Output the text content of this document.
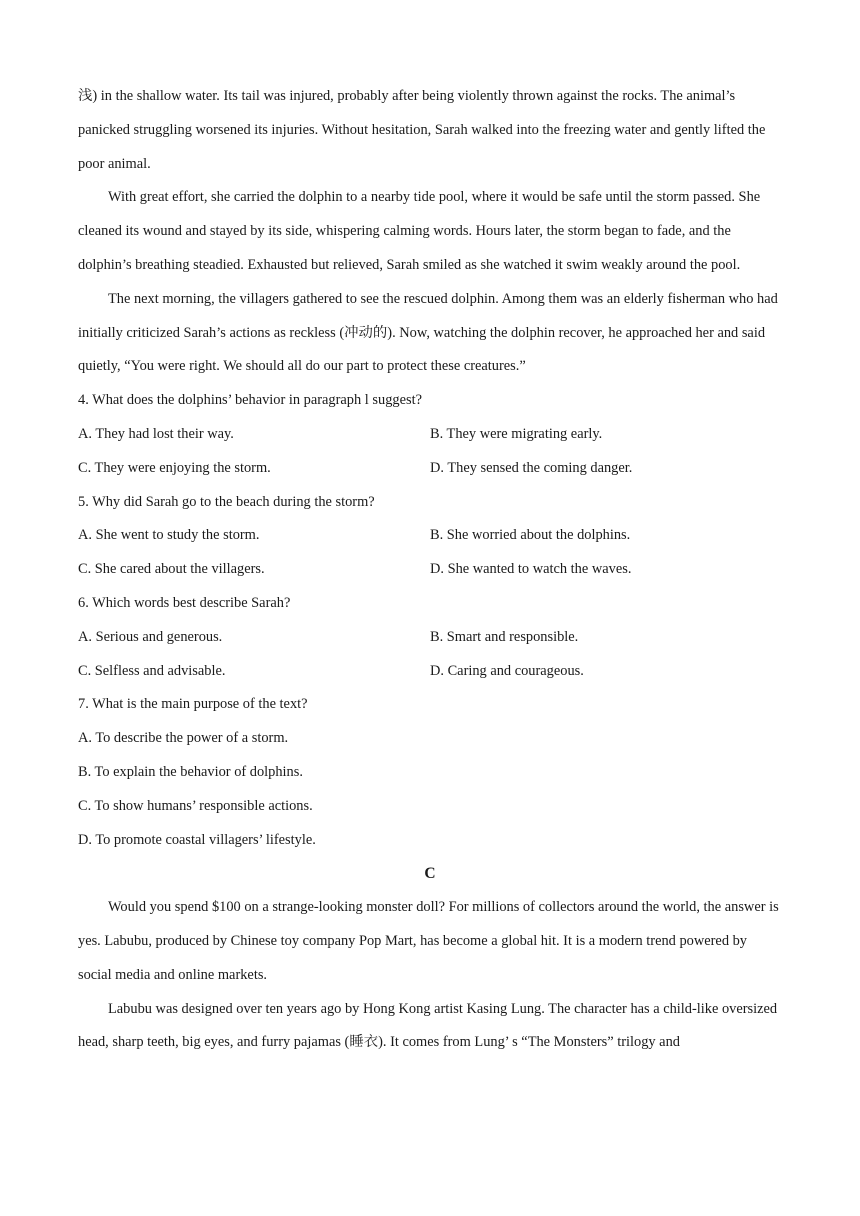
浅) in the shallow water. Its tail was injured, probably after being violently thrown against the rocks. The animal’s panicked struggling worsened its injuries. Without hesitation, Sarah walked into the freezing water and gently lifted the poor animal.

With great effort, she carried the dolphin to a nearby tide pool, where it would be safe until the storm passed. She cleaned its wound and stayed by its side, whispering calming words. Hours later, the storm began to fade, and the dolphin’s breathing steadied. Exhausted but relieved, Sarah smiled as she watched it swim weakly around the pool.

The next morning, the villagers gathered to see the rescued dolphin. Among them was an elderly fisherman who had initially criticized Sarah’s actions as reckless (冲动的). Now, watching the dolphin recover, he approached her and said quietly, “You were right. We should all do our part to protect these creatures.”

4. What does the dolphins’ behavior in paragraph l suggest?

A. They had lost their way.	B. They were migrating early.
C. They were enjoying the storm.	D. They sensed the coming danger.

5. Why did Sarah go to the beach during the storm?

A. She went to study the storm.	B. She worried about the dolphins.
C. She cared about the villagers.	D. She wanted to watch the waves.

6. Which words best describe Sarah?

A. Serious and generous.	B. Smart and responsible.
C. Selfless and advisable.	D. Caring and courageous.

7. What is the main purpose of the text?

A. To describe the power of a storm.
B. To explain the behavior of dolphins.
C. To show humans’ responsible actions.
D. To promote coastal villagers’ lifestyle.

C

Would you spend $100 on a strange-looking monster doll? For millions of collectors around the world, the answer is yes. Labubu, produced by Chinese toy company Pop Mart, has become a global hit. It is a modern trend powered by social media and online markets.

Labubu was designed over ten years ago by Hong Kong artist Kasing Lung. The character has a child-like oversized head, sharp teeth, big eyes, and furry pajamas (睡衣). It comes from Lung’ s “The Monsters” trilogy and
